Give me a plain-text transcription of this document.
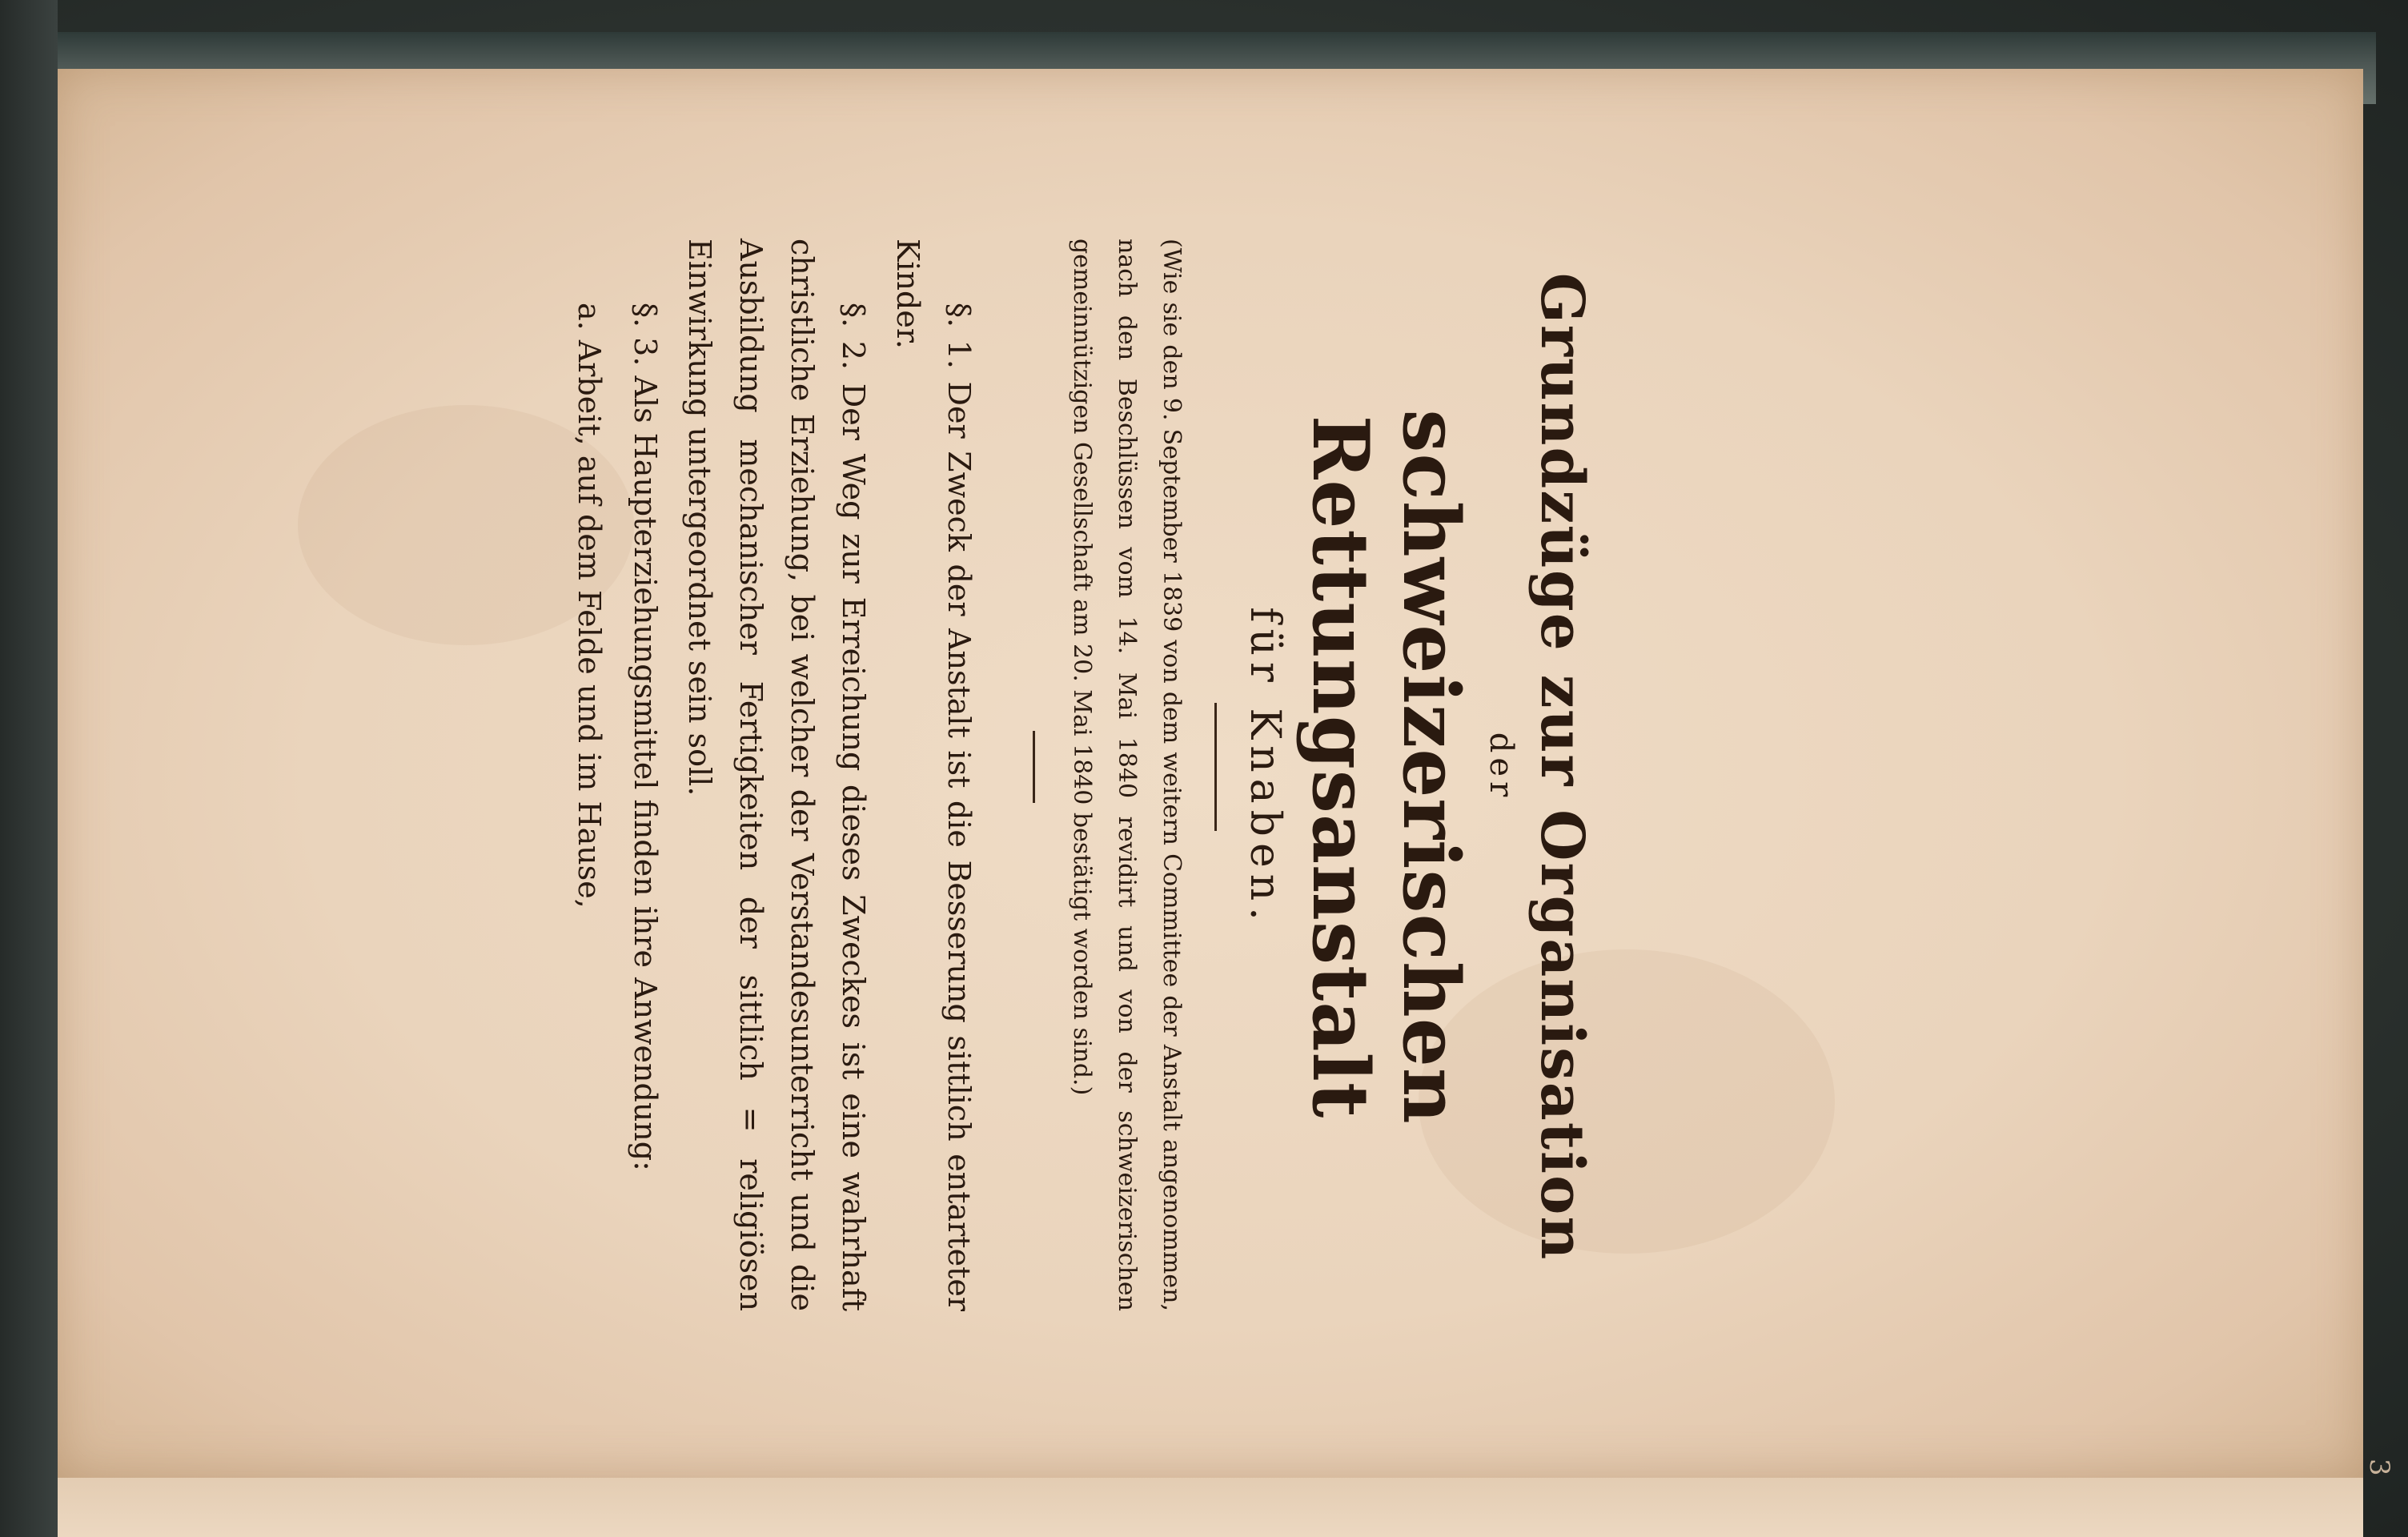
3
Grundzüge zur Organisation
der
schweizerischen Rettungsanstalt
für Knaben.
(Wie sie den 9. September 1839 von dem weitern Committee der Anstalt angenommen, nach den Beschlüssen vom 14. Mai 1840 revidirt und von der schweizerischen gemeinnützigen Gesellschaft am 20. Mai 1840 bestätigt worden sind.)
§. 1. Der Zweck der Anstalt ist die Besserung sittlich entarteter Kinder.
§. 2. Der Weg zur Erreichung dieses Zweckes ist eine wahrhaft christliche Erziehung, bei welcher der Verstandesunterricht und die Ausbildung mechanischer Fertigkeiten der sittlich = religiösen Einwirkung untergeordnet sein soll.
§. 3. Als Haupterziehungsmittel finden ihre Anwendung:
a. Arbeit, auf dem Felde und im Hause,
